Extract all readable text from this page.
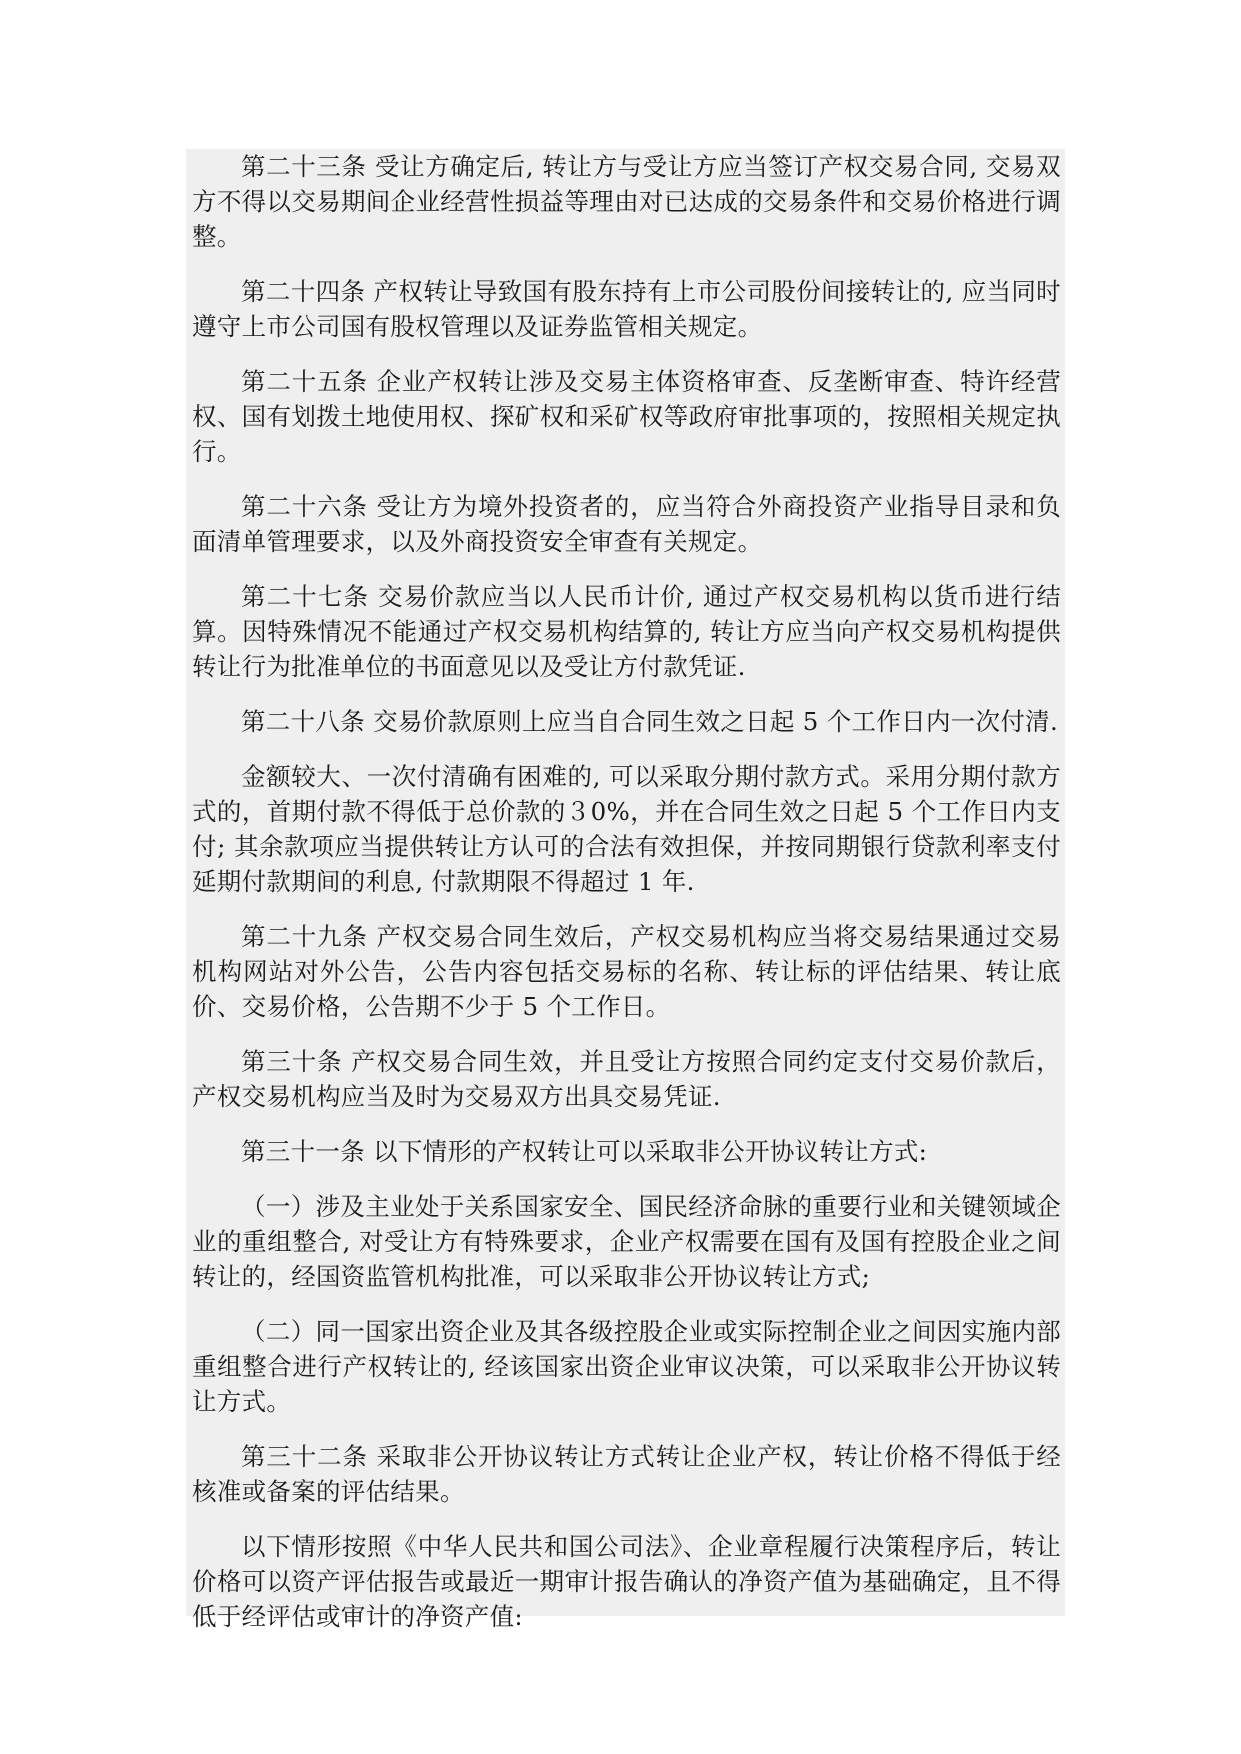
第二十三条 受让方确定后, 转让方与受让方应当签订产权交易合同, 交易双方不得以交易期间企业经营性损益等理由对已达成的交易条件和交易价格进行调整。

第二十四条 产权转让导致国有股东持有上市公司股份间接转让的, 应当同时遵守上市公司国有股权管理以及证券监管相关规定。

第二十五条 企业产权转让涉及交易主体资格审查、反垄断审查、特许经营权、国有划拨土地使用权、探矿权和采矿权等政府审批事项的，按照相关规定执行。

第二十六条 受让方为境外投资者的，应当符合外商投资产业指导目录和负面清单管理要求，以及外商投资安全审查有关规定。

第二十七条 交易价款应当以人民币计价, 通过产权交易机构以货币进行结算。因特殊情况不能通过产权交易机构结算的, 转让方应当向产权交易机构提供转让行为批准单位的书面意见以及受让方付款凭证.

第二十八条 交易价款原则上应当自合同生效之日起 5 个工作日内一次付清.

金额较大、一次付清确有困难的, 可以采取分期付款方式。采用分期付款方式的，首期付款不得低于总价款的３0%，并在合同生效之日起 5 个工作日内支付; 其余款项应当提供转让方认可的合法有效担保，并按同期银行贷款利率支付延期付款期间的利息, 付款期限不得超过 1 年.

第二十九条 产权交易合同生效后，产权交易机构应当将交易结果通过交易机构网站对外公告，公告内容包括交易标的名称、转让标的评估结果、转让底价、交易价格，公告期不少于 5 个工作日。

第三十条 产权交易合同生效，并且受让方按照合同约定支付交易价款后，产权交易机构应当及时为交易双方出具交易凭证.

第三十一条 以下情形的产权转让可以采取非公开协议转让方式:

（一）涉及主业处于关系国家安全、国民经济命脉的重要行业和关键领域企业的重组整合, 对受让方有特殊要求，企业产权需要在国有及国有控股企业之间转让的，经国资监管机构批准，可以采取非公开协议转让方式;

（二）同一国家出资企业及其各级控股企业或实际控制企业之间因实施内部重组整合进行产权转让的, 经该国家出资企业审议决策，可以采取非公开协议转让方式。

第三十二条 采取非公开协议转让方式转让企业产权，转让价格不得低于经核准或备案的评估结果。

以下情形按照《中华人民共和国公司法》、企业章程履行决策程序后，转让价格可以资产评估报告或最近一期审计报告确认的净资产值为基础确定，且不得低于经评估或审计的净资产值:
